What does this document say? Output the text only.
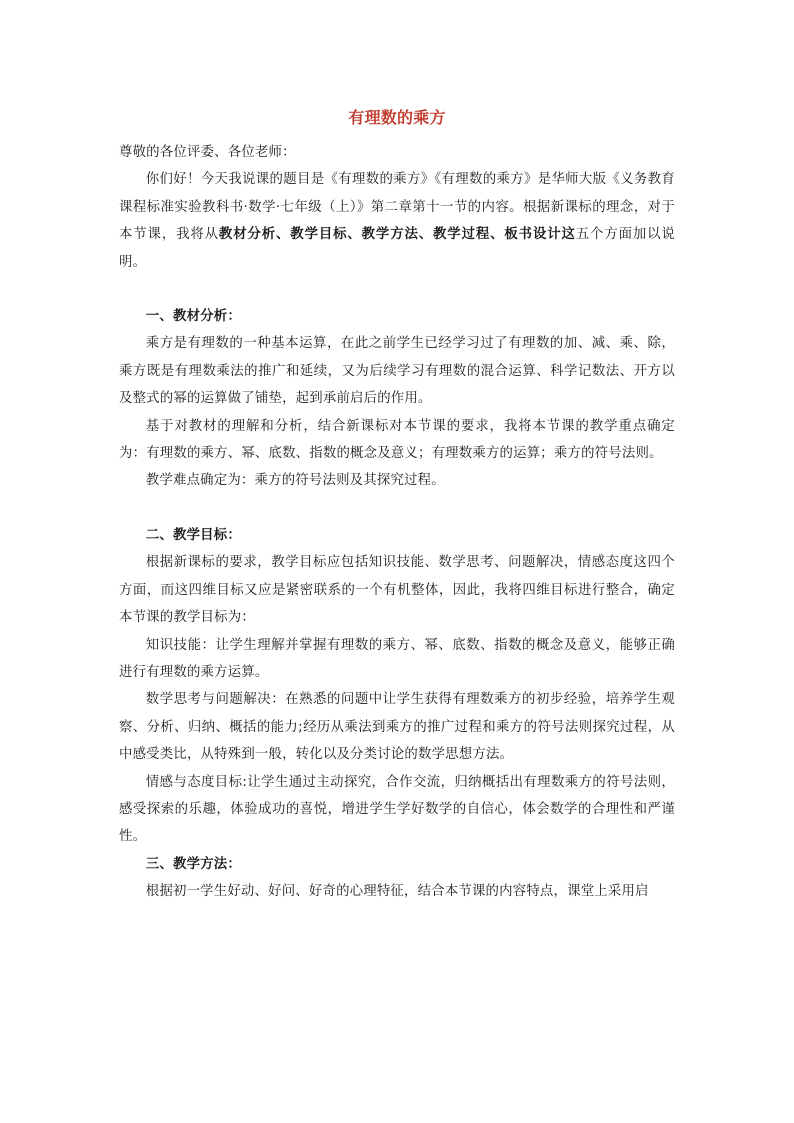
有理数的乘方

尊敬的各位评委、各位老师：

你们好！今天我说课的题目是《有理数的乘方》《有理数的乘方》是华师大版《义务教育课程标准实验教科书·数学·七年级（上）》第二章第十一节的内容。根据新课标的理念，对于本节课，我将从教材分析、教学目标、教学方法、教学过程、板书设计这五个方面加以说明。

一、教材分析：

乘方是有理数的一种基本运算，在此之前学生已经学习过了有理数的加、减、乘、除，乘方既是有理数乘法的推广和延续，又为后续学习有理数的混合运算、科学记数法、开方以及整式的幂的运算做了铺垫，起到承前启后的作用。

基于对教材的理解和分析，结合新课标对本节课的要求，我将本节课的教学重点确定为：有理数的乘方、幂、底数、指数的概念及意义；有理数乘方的运算；乘方的符号法则。

教学难点确定为：乘方的符号法则及其探究过程。

二、教学目标：

根据新课标的要求，教学目标应包括知识技能、数学思考、问题解决，情感态度这四个方面，而这四维目标又应是紧密联系的一个有机整体，因此，我将四维目标进行整合，确定本节课的教学目标为：

知识技能：让学生理解并掌握有理数的乘方、幂、底数、指数的概念及意义，能够正确进行有理数的乘方运算。

数学思考与问题解决：在熟悉的问题中让学生获得有理数乘方的初步经验，培养学生观察、分析、归纳、概括的能力;经历从乘法到乘方的推广过程和乘方的符号法则探究过程，从中感受类比，从特殊到一般，转化以及分类讨论的数学思想方法。

情感与态度目标:让学生通过主动探究，合作交流，归纳概括出有理数乘方的符号法则，感受探索的乐趣，体验成功的喜悦，增进学生学好数学的自信心，体会数学的合理性和严谨性。

三、教学方法：

根据初一学生好动、好问、好奇的心理特征，结合本节课的内容特点，课堂上采用启
